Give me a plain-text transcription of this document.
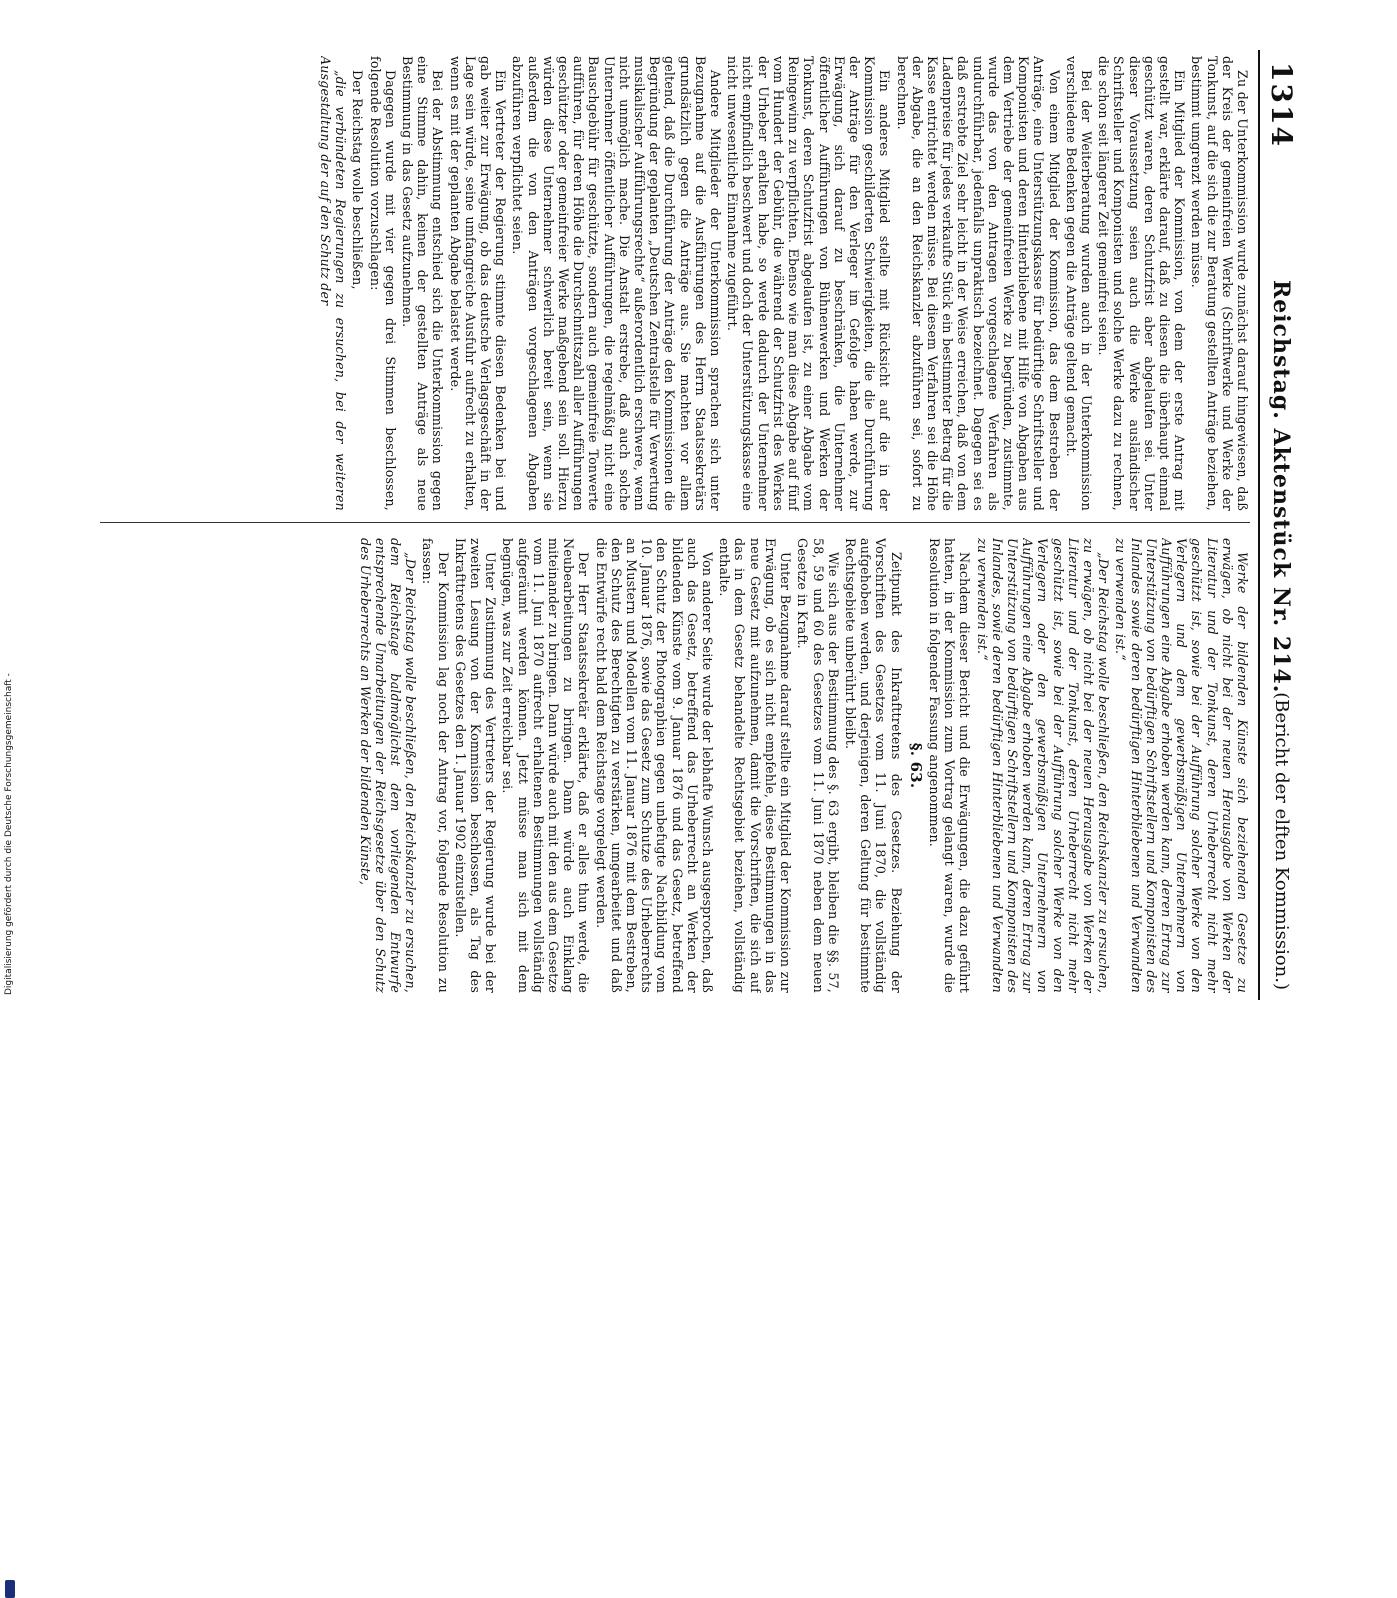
1314
Reichstag. Aktenstück Nr. 214.
(Bericht der elften Kommission.)

Zu der Unterkommission wurde zunächst darauf hingewiesen, daß der Kreis der gemeinfreien Werke (Schriftwerke und Werke der Tonkunst, auf die sich die zur Beratung gestellten Anträge beziehen, bestimmt umgrenzt werden müsse.

Ein Mitglied der Kommission, von dem der erste Antrag mit gestellt war, erklärte darauf, daß zu diesen die überhaupt einmal geschützt waren, deren Schutzfrist aber abgelaufen sei. Unter dieser Voraussetzung seien auch die Werke ausländischer Schriftsteller und Komponisten und solche Werke dazu zu rechnen, die schon seit längerer Zeit gemeinfrei seien.

Bei der Weiterberatung wurden auch in der Unterkommission verschiedene Bedenken gegen die Anträge geltend gemacht.

Von einem Mitglied der Kommission, das dem Bestreben der Anträge, eine Unterstützungskasse für bedürftige Schriftsteller und Komponisten und deren Hinterbliebene mit Hilfe von Abgaben aus dem Vertriebe der gemeinfreien Werke zu begründen, zustimmte, wurde das von den Antragen vorgeschlagene Verfahren als undurchführbar, jedenfalls unpraktisch bezeichnet. Dagegen sei es daß erstrebte Ziel sehr leicht in der Weise erreichen, daß von dem Ladenpreise für jedes verkaufte Stück ein bestimmter Betrag für die Kasse entrichtet werden müsse. Bei diesem Verfahren sei die Höhe der Abgabe, die an den Reichskanzler abzuführen sei, sofort zu berechnen.

Ein anderes Mitglied stellte mit Rücksicht auf die in der Kommission geschilderten Schwierigkeiten, die die Durchführung der Anträge für den Verleger im Gefolge haben werde, zur Erwägung, sich darauf zu beschränken, die Unternehmer öffentlicher Aufführungen von Bühnenwerken und Werken der Tonkunst, deren Schutzfrist abgelaufen ist, zu einer Abgabe vom Reingewinn zu verpflichten. Ebenso wie man diese Abgabe auf fünf vom Hundert der Gebühr, die während der Schutzfrist des Werkes der Urheber erhalten habe, so werde dadurch der Unternehmer nicht empfindlich beschwert und doch der Unterstützungskasse eine nicht unwesentliche Einnahme zugeführt.

Andere Mitglieder der Unterkommission sprachen sich unter Bezugnahme auf die Ausführungen des Herrn Staatssekretärs grundsätzlich gegen die Anträge aus. Sie machten vor allem geltend, daß die Durchführung der Anträge den Kommissionen die Begründung der geplanten „Deutschen Zentralstelle für Verwertung musikalischer Aufführungsrechte“ außerordentlich erschwere, wenn nicht unmöglich mache. Die Anstalt erstrebe, daß auch solche Unternehmer öffentlicher Aufführungen, die regelmäßig nicht eine Bauschgebühr für geschützte, sondern auch gemeinfreie Tonwerte aufführen, für deren Höhe die Durchschnittszahl aller Aufführungen geschützter oder gemeinfreier Werke maßgebend sein soll. Hierzu würden diese Unternehmer schwerlich bereit sein, wenn sie außerdem die von den Anträgen vorgeschlagenen Abgaben abzuführen verpflichtet seien.

Ein Vertreter der Regierung stimmte diesen Bedenken bei und gab weiter zur Erwägung, ob das deutsche Verlagsgeschäft in der Lage sein würde, seine umfangreiche Ausfuhr aufrecht zu erhalten, wenn es mit der geplanten Abgabe belastet werde.

Bei der Abstimmung entschied sich die Unterkommission gegen eine Stimme dahin, keinen der gestellten Anträge als neue Bestimmung in das Gesetz aufzunehmen.

Dagegen wurde mit vier gegen drei Stimmen beschlossen, folgende Resolution vorzuschlagen:

Der Reichstag wolle beschließen,

„die verbündeten Regierungen zu ersuchen, bei der weiteren Ausgestaltung der auf den Schutz der

Werke der bildenden Künste sich beziehenden Gesetze zu erwägen, ob nicht bei der neuen Herausgabe von Werken der Literatur und der Tonkunst, deren Urheberrecht nicht mehr geschützt ist, sowie bei der Aufführung solcher Werke von den Verlegern und dem gewerbsmäßigen Unternehmern von Aufführungen eine Abgabe erhoben werden kann, deren Ertrag zur Unterstützung von bedürftigen Schriftstellern und Komponisten des Inlandes sowie deren bedürftigen Hinterbliebenen und Verwandten zu verwenden ist.“

„Der Reichstag wolle beschließen, den Reichskanzler zu ersuchen, zu erwägen, ob nicht bei der neuen Herausgabe von Werken der Literatur und der Tonkunst, deren Urheberrecht nicht mehr geschützt ist, sowie bei der Aufführung solcher Werke von den Verlegern oder den gewerbsmäßigen Unternehmern von Aufführungen eine Abgabe erhoben werden kann, deren Ertrag zur Unterstützung von bedürftigen Schriftstellern und Komponisten des Inlandes, sowie deren bedürftigen Hinterbliebenen und Verwandten zu verwenden ist.“

Nachdem dieser Bericht und die Erwägungen, die dazu geführt hatten, in der Kommission zum Vortrag gelangt waren, wurde die Resolution in folgender Fassung angenommen.

§. 63.

Zeitpunkt des Inkrafttretens des Gesetzes. Beziehung der Vorschriften des Gesetzes vom 11. Juni 1870, die vollständig aufgehoben werden, und derjenigen, deren Geltung für bestimmte Rechtsgebiete unberührt bleibt.

Wie sich aus der Bestimmung des §. 63 ergibt, bleiben die §§. 57, 58, 59 und 60 des Gesetzes vom 11. Juni 1870 neben dem neuen Gesetze in Kraft.

Unter Bezugnahme darauf stellte ein Mitglied der Kommission zur Erwägung, ob es sich nicht empfehle, diese Bestimmungen in das neue Gesetz mit aufzunehmen, damit die Vorschriften, die sich auf das in dem Gesetz behandelte Rechtsgebiet beziehen, vollständig enthalte.

Von anderer Seite wurde der lebhafte Wunsch ausgesprochen, daß auch das Gesetz, betreffend das Urheberrecht an Werken der bildenden Künste vom 9. Januar 1876 und das Gesetz, betreffend den Schutz der Photographien gegen unbefugte Nachbildung vom 10. Januar 1876, sowie das Gesetz zum Schutze des Urheberrechts an Mustern und Modellen vom 11. Januar 1876 mit dem Bestreben, den Schutz des Berechtigten zu verstärken, umgearbeitet und daß die Entwürfe recht bald dem Reichstage vorgelegt werden.

Der Herr Staatssekretär erklärte, daß er alles thun werde, die Neubearbeitungen zu bringen. Dann würde auch Einklang miteinander zu bringen. Dann würde auch mit den aus dem Gesetze vom 11. Juni 1870 aufrecht erhaltenen Bestimmungen vollständig aufgeräumt werden können. Jetzt müsse man sich mit dem begnügen, was zur Zeit erreichbar sei.

Unter Zustimmung des Vertreters der Regierung wurde bei der zweiten Lesung von der Kommission beschlossen, als Tag des Inkrafttretens des Gesetzes den 1. Januar 1902 einzustellen.

Der Kommission lag noch der Antrag vor, folgende Resolution zu fassen:

„Der Reichstag wolle beschließen, den Reichskanzler zu ersuchen, dem Reichstage baldmöglichst dem vorliegenden Entwurfe entsprechende Umarbeitungen der Reichsgesetze über den Schutz des Urheberrechts an Werken der bildenden Künste,

Digitalisierung gefördert durch die Deutsche Forschungsgemeinschaft -
